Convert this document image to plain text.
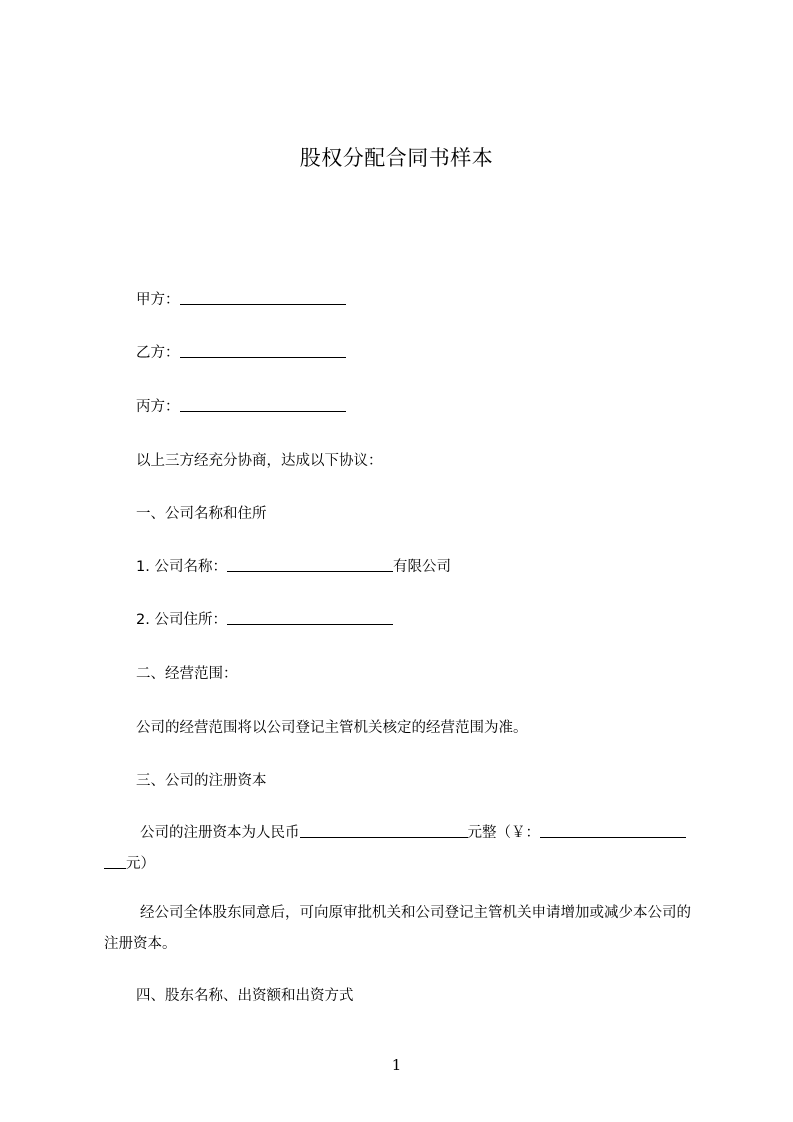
股权分配合同书样本
甲方：
乙方：
丙方：
以上三方经充分协商，达成以下协议：
一、公司名称和住所
1. 公司名称：	有限公司
2. 公司住所：
二、经营范围：
公司的经营范围将以公司登记主管机关核定的经营范围为准。
三、公司的注册资本
公司的注册资本为人民币	元整（￥：
元）
经公司全体股东同意后，可向原审批机关和公司登记主管机关申请增加或减少本公司的注册资本。
四、股东名称、出资额和出资方式
1
